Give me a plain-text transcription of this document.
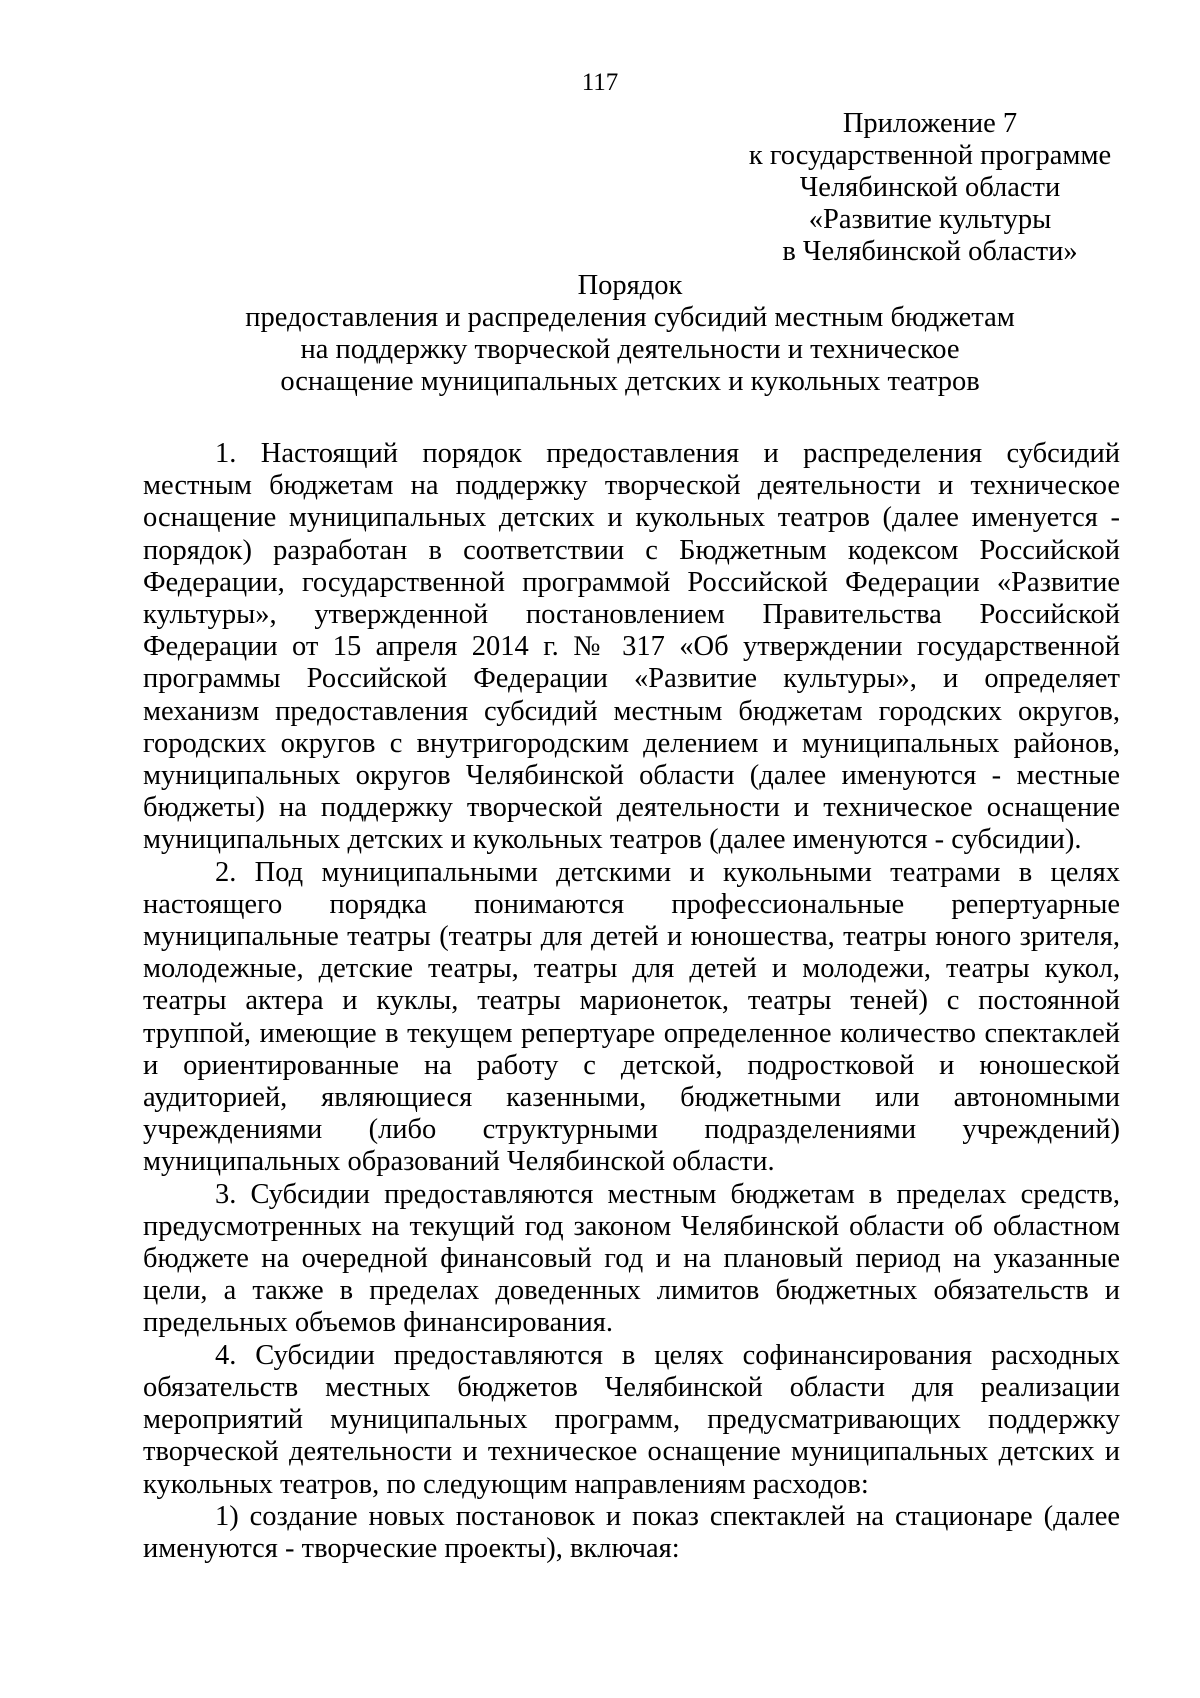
117
Приложение 7
к государственной программе
Челябинской области
«Развитие культуры
в Челябинской области»
Порядок
предоставления и распределения субсидий местным бюджетам
на поддержку творческой деятельности и техническое
оснащение муниципальных детских и кукольных театров

1. Настоящий порядок предоставления и распределения субсидий местным бюджетам на поддержку творческой деятельности и техническое оснащение муниципальных детских и кукольных театров (далее именуется - порядок) разработан в соответствии с Бюджетным кодексом Российской Федерации, государственной программой Российской Федерации «Развитие культуры», утвержденной постановлением Правительства Российской Федерации от 15 апреля 2014 г. № 317 «Об утверждении государственной программы Российской Федерации «Развитие культуры», и определяет механизм предоставления субсидий местным бюджетам городских округов, городских округов с внутригородским делением и муниципальных районов, муниципальных округов Челябинской области (далее именуются - местные бюджеты) на поддержку творческой деятельности и техническое оснащение муниципальных детских и кукольных театров (далее именуются - субсидии).

2. Под муниципальными детскими и кукольными театрами в целях настоящего порядка понимаются профессиональные репертуарные муниципальные театры (театры для детей и юношества, театры юного зрителя, молодежные, детские театры, театры для детей и молодежи, театры кукол, театры актера и куклы, театры марионеток, театры теней) с постоянной труппой, имеющие в текущем репертуаре определенное количество спектаклей и ориентированные на работу с детской, подростковой и юношеской аудиторией, являющиеся казенными, бюджетными или автономными учреждениями (либо структурными подразделениями учреждений) муниципальных образований Челябинской области.

3. Субсидии предоставляются местным бюджетам в пределах средств, предусмотренных на текущий год законом Челябинской области об областном бюджете на очередной финансовый год и на плановый период на указанные цели, а также в пределах доведенных лимитов бюджетных обязательств и предельных объемов финансирования.

4. Субсидии предоставляются в целях софинансирования расходных обязательств местных бюджетов Челябинской области для реализации мероприятий муниципальных программ, предусматривающих поддержку творческой деятельности и техническое оснащение муниципальных детских и кукольных театров, по следующим направлениям расходов:

1) создание новых постановок и показ спектаклей на стационаре (далее именуются - творческие проекты), включая:
